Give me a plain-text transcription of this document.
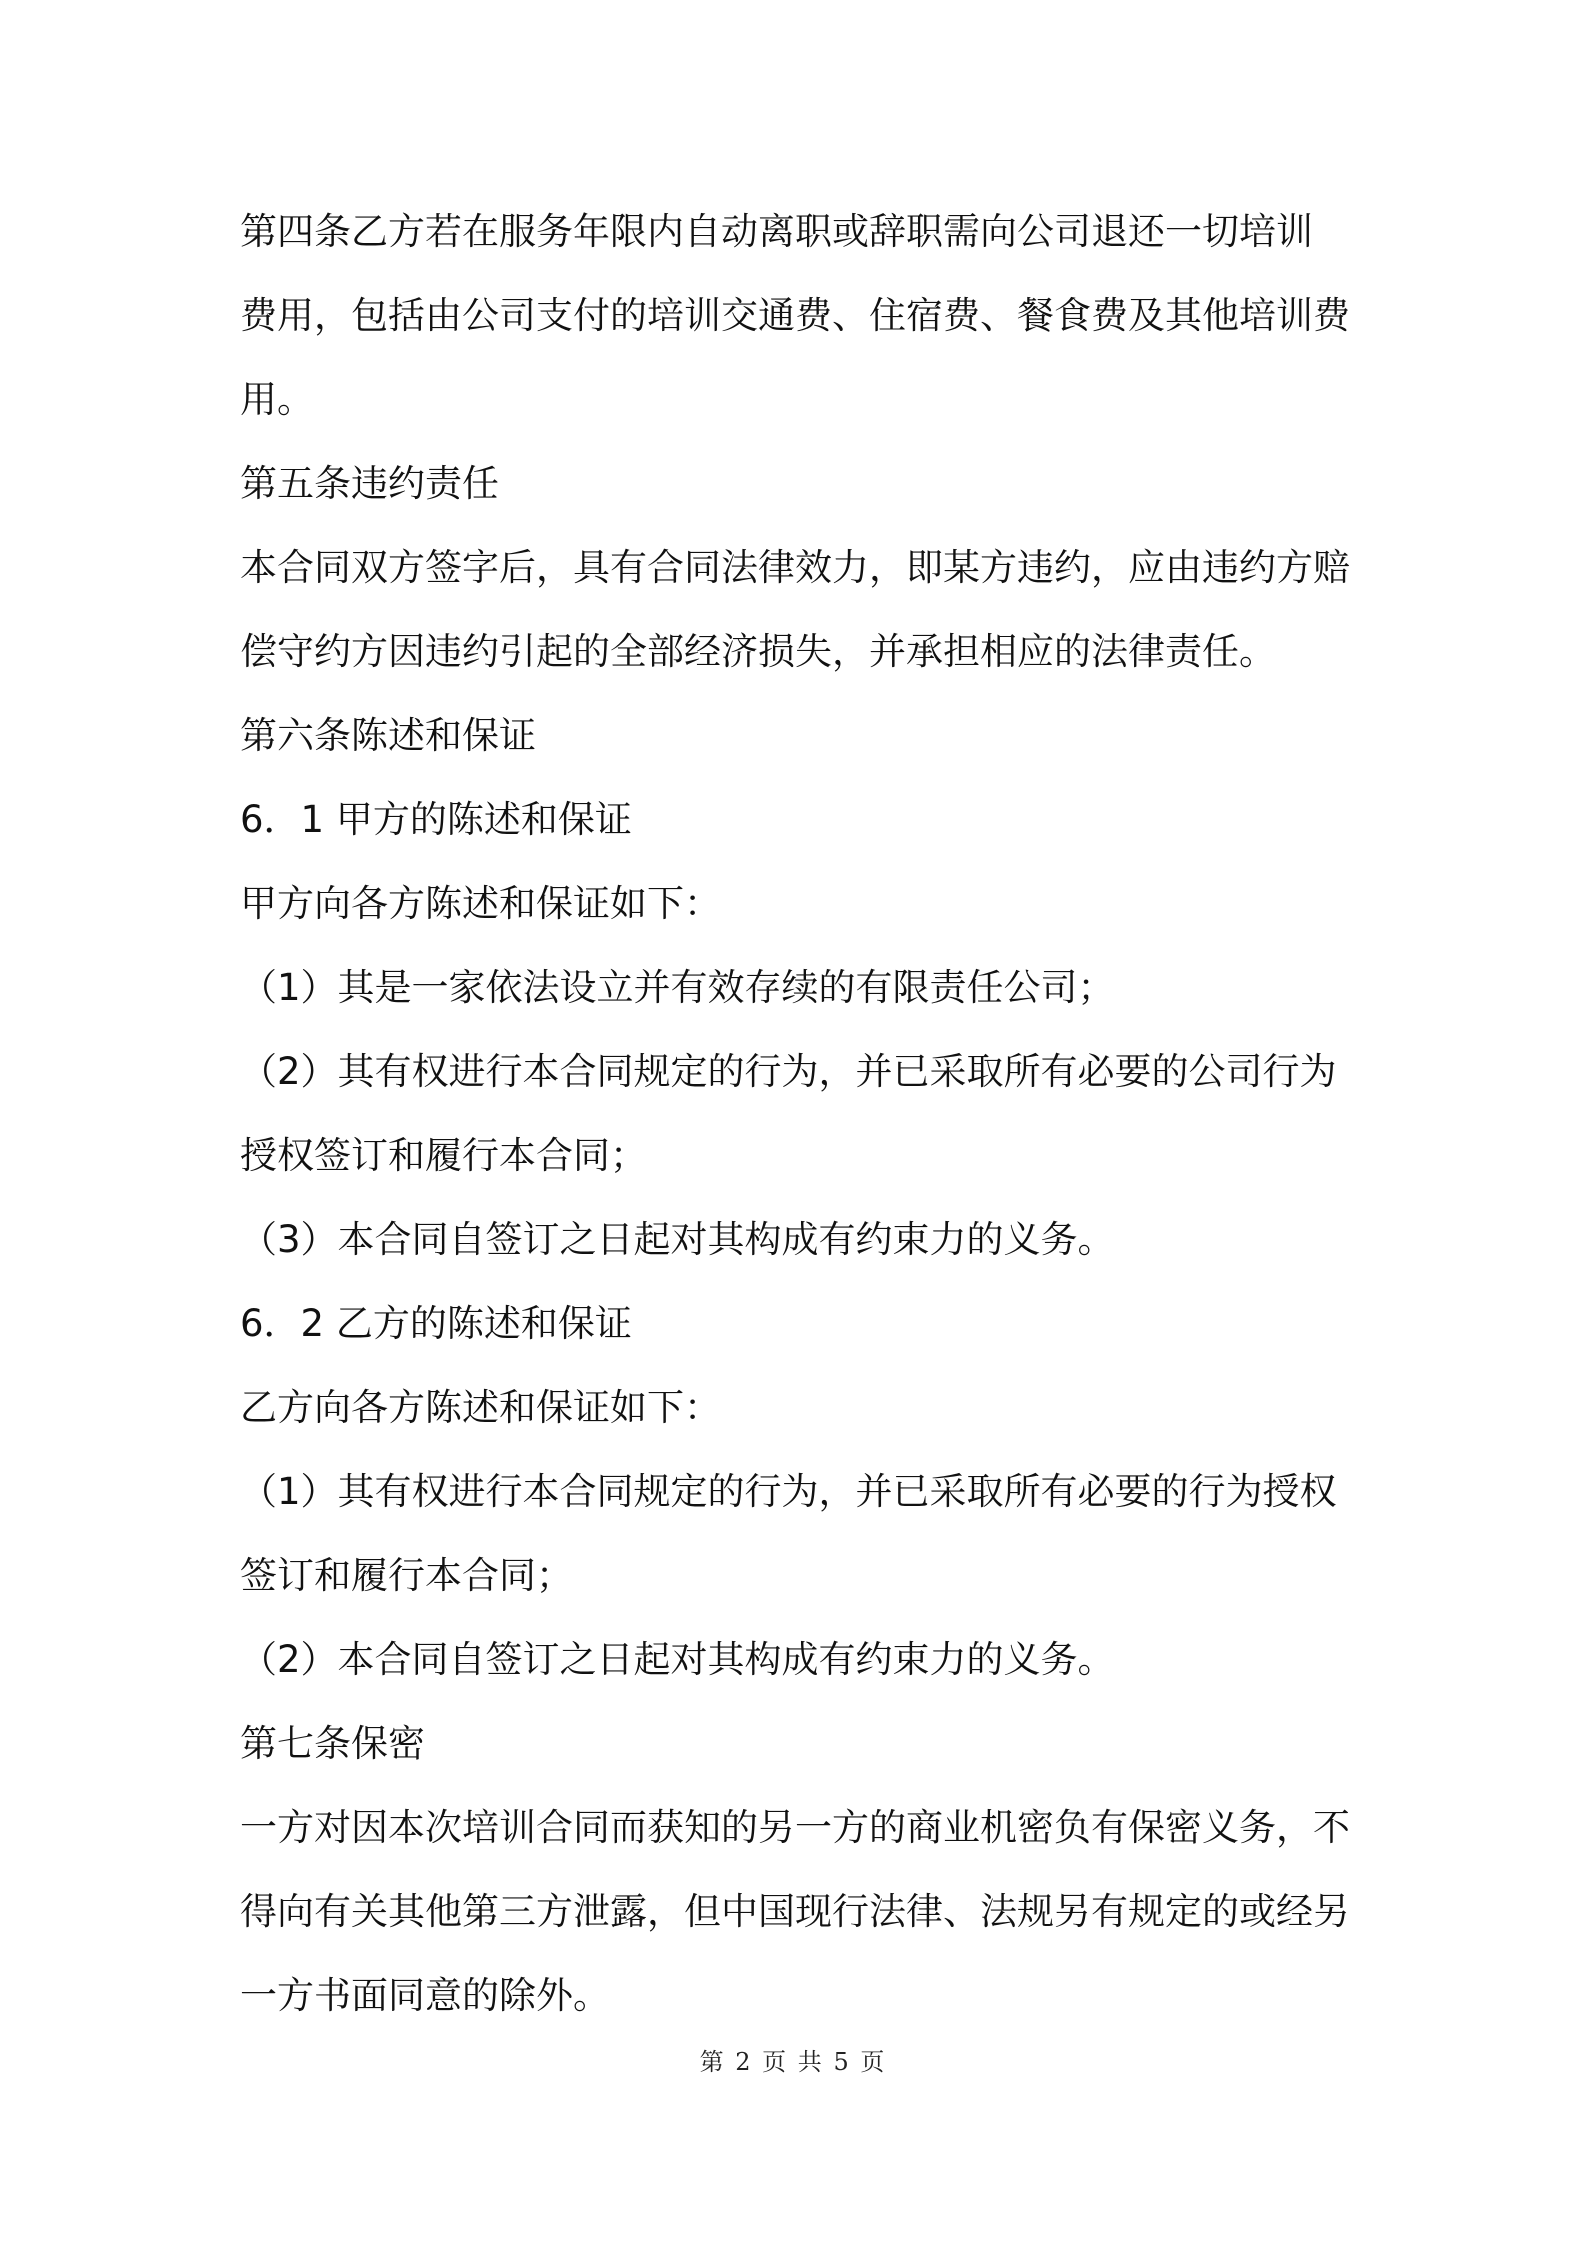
第四条乙方若在服务年限内自动离职或辞职需向公司退还一切培训
费用，包括由公司支付的培训交通费、住宿费、餐食费及其他培训费
用。
第五条违约责任
本合同双方签字后，具有合同法律效力，即某方违约，应由违约方赔
偿守约方因违约引起的全部经济损失，并承担相应的法律责任。
第六条陈述和保证
6．1 甲方的陈述和保证
甲方向各方陈述和保证如下：
（1）其是一家依法设立并有效存续的有限责任公司；
（2）其有权进行本合同规定的行为，并已采取所有必要的公司行为
授权签订和履行本合同；
（3）本合同自签订之日起对其构成有约束力的义务。
6．2 乙方的陈述和保证
乙方向各方陈述和保证如下：
（1）其有权进行本合同规定的行为，并已采取所有必要的行为授权
签订和履行本合同；
（2）本合同自签订之日起对其构成有约束力的义务。
第七条保密
一方对因本次培训合同而获知的另一方的商业机密负有保密义务，不
得向有关其他第三方泄露，但中国现行法律、法规另有规定的或经另
一方书面同意的除外。
第 2 页 共 5 页
